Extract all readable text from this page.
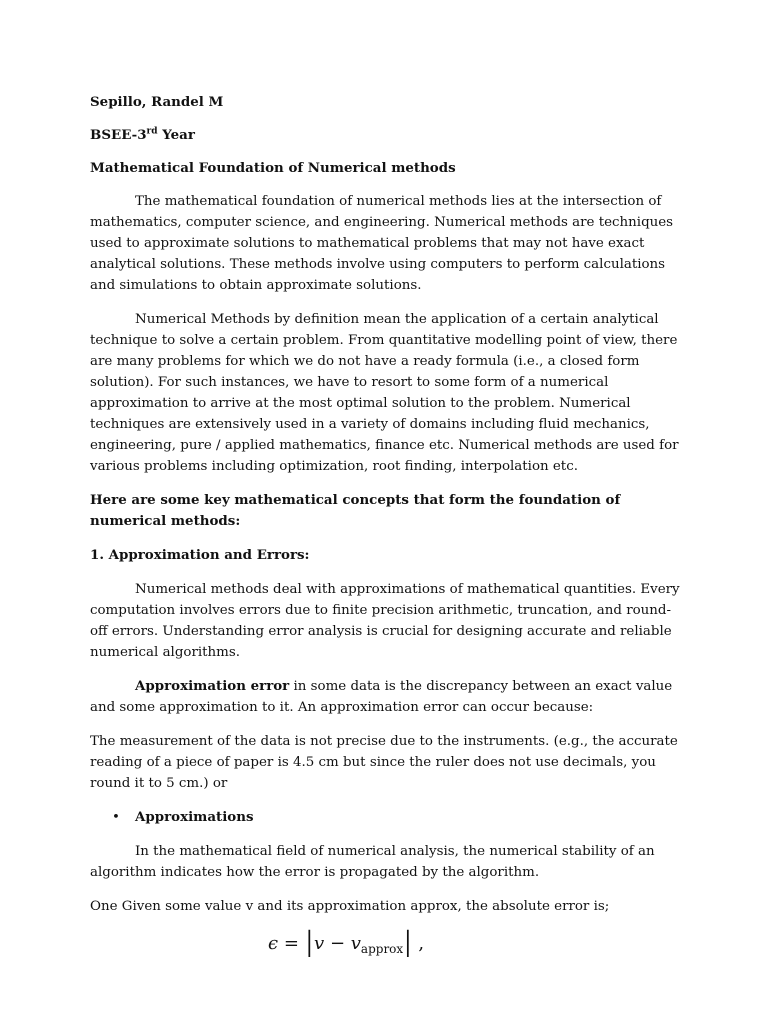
Sepillo, Randel M

BSEE-3rd Year

Mathematical Foundation of Numerical methods

The mathematical foundation of numerical methods lies at the intersection of mathematics, computer science, and engineering. Numerical methods are techniques used to approximate solutions to mathematical problems that may not have exact analytical solutions. These methods involve using computers to perform calculations and simulations to obtain approximate solutions.

Numerical Methods by definition mean the application of a certain analytical technique to solve a certain problem. From quantitative modelling point of view, there are many problems for which we do not have a ready formula (i.e., a closed form solution). For such instances, we have to resort to some form of a numerical approximation to arrive at the most optimal solution to the problem. Numerical techniques are extensively used in a variety of domains including fluid mechanics, engineering, pure / applied mathematics, finance etc. Numerical methods are used for various problems including optimization, root finding, interpolation etc.

Here are some key mathematical concepts that form the foundation of numerical methods:

1. Approximation and Errors:

Numerical methods deal with approximations of mathematical quantities. Every computation involves errors due to finite precision arithmetic, truncation, and round-off errors. Understanding error analysis is crucial for designing accurate and reliable numerical algorithms.

Approximation error in some data is the discrepancy between an exact value and some approximation to it. An approximation error can occur because:

The measurement of the data is not precise due to the instruments. (e.g., the accurate reading of a piece of paper is 4.5 cm but since the ruler does not use decimals, you round it to 5 cm.) or

• Approximations

In the mathematical field of numerical analysis, the numerical stability of an algorithm indicates how the error is propagated by the algorithm.

One Given some value v and its approximation approx, the absolute error is;

$\epsilon = |v - v_{approx}|$ ,
